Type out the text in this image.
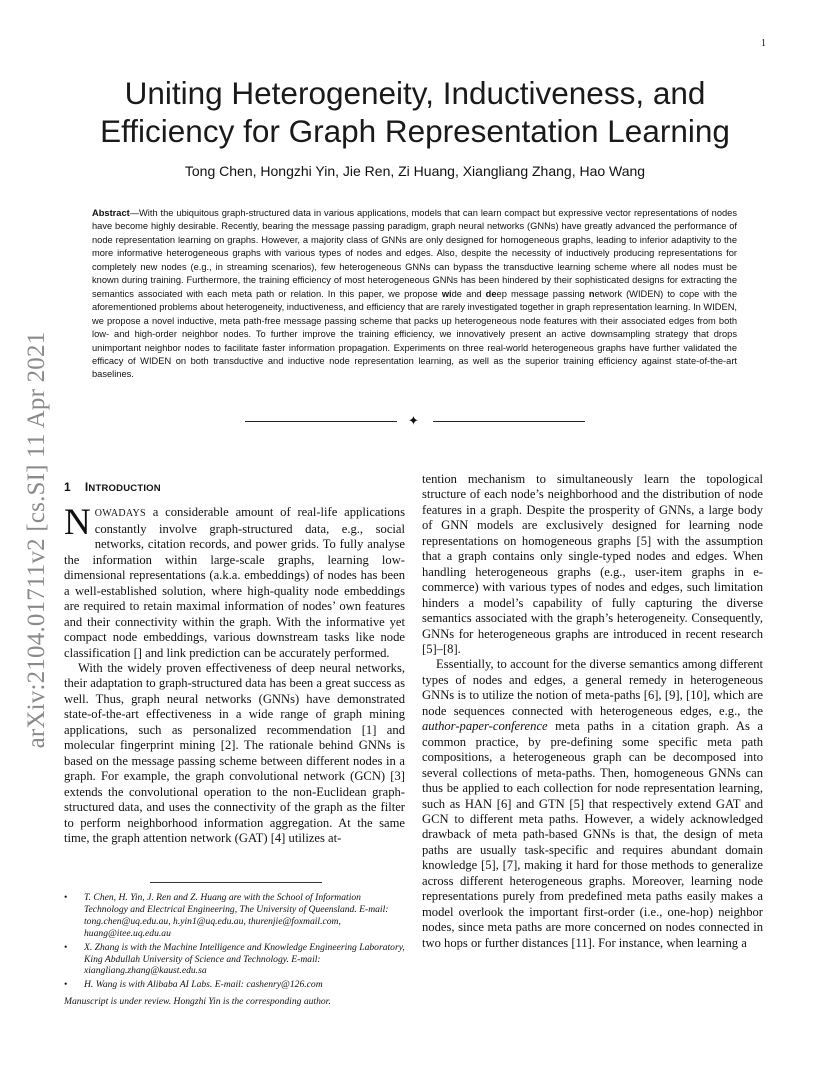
1
arXiv:2104.01711v2 [cs.SI] 11 Apr 2021
Uniting Heterogeneity, Inductiveness, and Efficiency for Graph Representation Learning
Tong Chen, Hongzhi Yin, Jie Ren, Zi Huang, Xiangliang Zhang, Hao Wang

Abstract—With the ubiquitous graph-structured data in various applications, models that can learn compact but expressive vector representations of nodes have become highly desirable. Recently, bearing the message passing paradigm, graph neural networks (GNNs) have greatly advanced the performance of node representation learning on graphs. However, a majority class of GNNs are only designed for homogeneous graphs, leading to inferior adaptivity to the more informative heterogeneous graphs with various types of nodes and edges. Also, despite the necessity of inductively producing representations for completely new nodes (e.g., in streaming scenarios), few heterogeneous GNNs can bypass the transductive learning scheme where all nodes must be known during training. Furthermore, the training efficiency of most heterogeneous GNNs has been hindered by their sophisticated designs for extracting the semantics associated with each meta path or relation. In this paper, we propose wide and deep message passing network (WIDEN) to cope with the aforementioned problems about heterogeneity, inductiveness, and efficiency that are rarely investigated together in graph representation learning. In WIDEN, we propose a novel inductive, meta path-free message passing scheme that packs up heterogeneous node features with their associated edges from both low- and high-order neighbor nodes. To further improve the training efficiency, we innovatively present an active downsampling strategy that drops unimportant neighbor nodes to facilitate faster information propagation. Experiments on three real-world heterogeneous graphs have further validated the efficacy of WIDEN on both transductive and inductive node representation learning, as well as the superior training efficiency against state-of-the-art baselines.

✦
1 INTRODUCTION

NOWADAYS a considerable amount of real-life applications constantly involve graph-structured data, e.g., social networks, citation records, and power grids. To fully analyse the information within large-scale graphs, learning low-dimensional representations (a.k.a. embeddings) of nodes has been a well-established solution, where high-quality node embeddings are required to retain maximal information of nodes’ own features and their connectivity within the graph. With the informative yet compact node embeddings, various downstream tasks like node classification [] and link prediction can be accurately performed.

With the widely proven effectiveness of deep neural networks, their adaptation to graph-structured data has been a great success as well. Thus, graph neural networks (GNNs) have demonstrated state-of-the-art effectiveness in a wide range of graph mining applications, such as personalized recommendation [1] and molecular fingerprint mining [2]. The rationale behind GNNs is based on the message passing scheme between different nodes in a graph. For example, the graph convolutional network (GCN) [3] extends the convolutional operation to the non-Euclidean graph-structured data, and uses the connectivity of the graph as the filter to perform neighborhood information aggregation. At the same time, the graph attention network (GAT) [4] utilizes at-

• T. Chen, H. Yin, J. Ren and Z. Huang are with the School of Information Technology and Electrical Engineering, The University of Queensland. E-mail: tong.chen@uq.edu.au, h.yin1@uq.edu.au, thurenjie@foxmail.com, huang@itee.uq.edu.au
• X. Zhang is with the Machine Intelligence and Knowledge Engineering Laboratory, King Abdullah University of Science and Technology. E-mail: xiangliang.zhang@kaust.edu.sa
• H. Wang is with Alibaba AI Labs. E-mail: cashenry@126.com
Manuscript is under review. Hongzhi Yin is the corresponding author.

tention mechanism to simultaneously learn the topological structure of each node’s neighborhood and the distribution of node features in a graph. Despite the prosperity of GNNs, a large body of GNN models are exclusively designed for learning node representations on homogeneous graphs [5] with the assumption that a graph contains only single-typed nodes and edges. When handling heterogeneous graphs (e.g., user-item graphs in e-commerce) with various types of nodes and edges, such limitation hinders a model’s capability of fully capturing the diverse semantics associated with the graph’s heterogeneity. Consequently, GNNs for heterogeneous graphs are introduced in recent research [5]–[8].

Essentially, to account for the diverse semantics among different types of nodes and edges, a general remedy in heterogeneous GNNs is to utilize the notion of meta-paths [6], [9], [10], which are node sequences connected with heterogeneous edges, e.g., the author-paper-conference meta paths in a citation graph. As a common practice, by pre-defining some specific meta path compositions, a heterogeneous graph can be decomposed into several collections of meta-paths. Then, homogeneous GNNs can thus be applied to each collection for node representation learning, such as HAN [6] and GTN [5] that respectively extend GAT and GCN to different meta paths. However, a widely acknowledged drawback of meta path-based GNNs is that, the design of meta paths are usually task-specific and requires abundant domain knowledge [5], [7], making it hard for those methods to generalize across different heterogeneous graphs. Moreover, learning node representations purely from predefined meta paths easily makes a model overlook the important first-order (i.e., one-hop) neighbor nodes, since meta paths are more concerned on nodes connected in two hops or further distances [11]. For instance, when learning a
